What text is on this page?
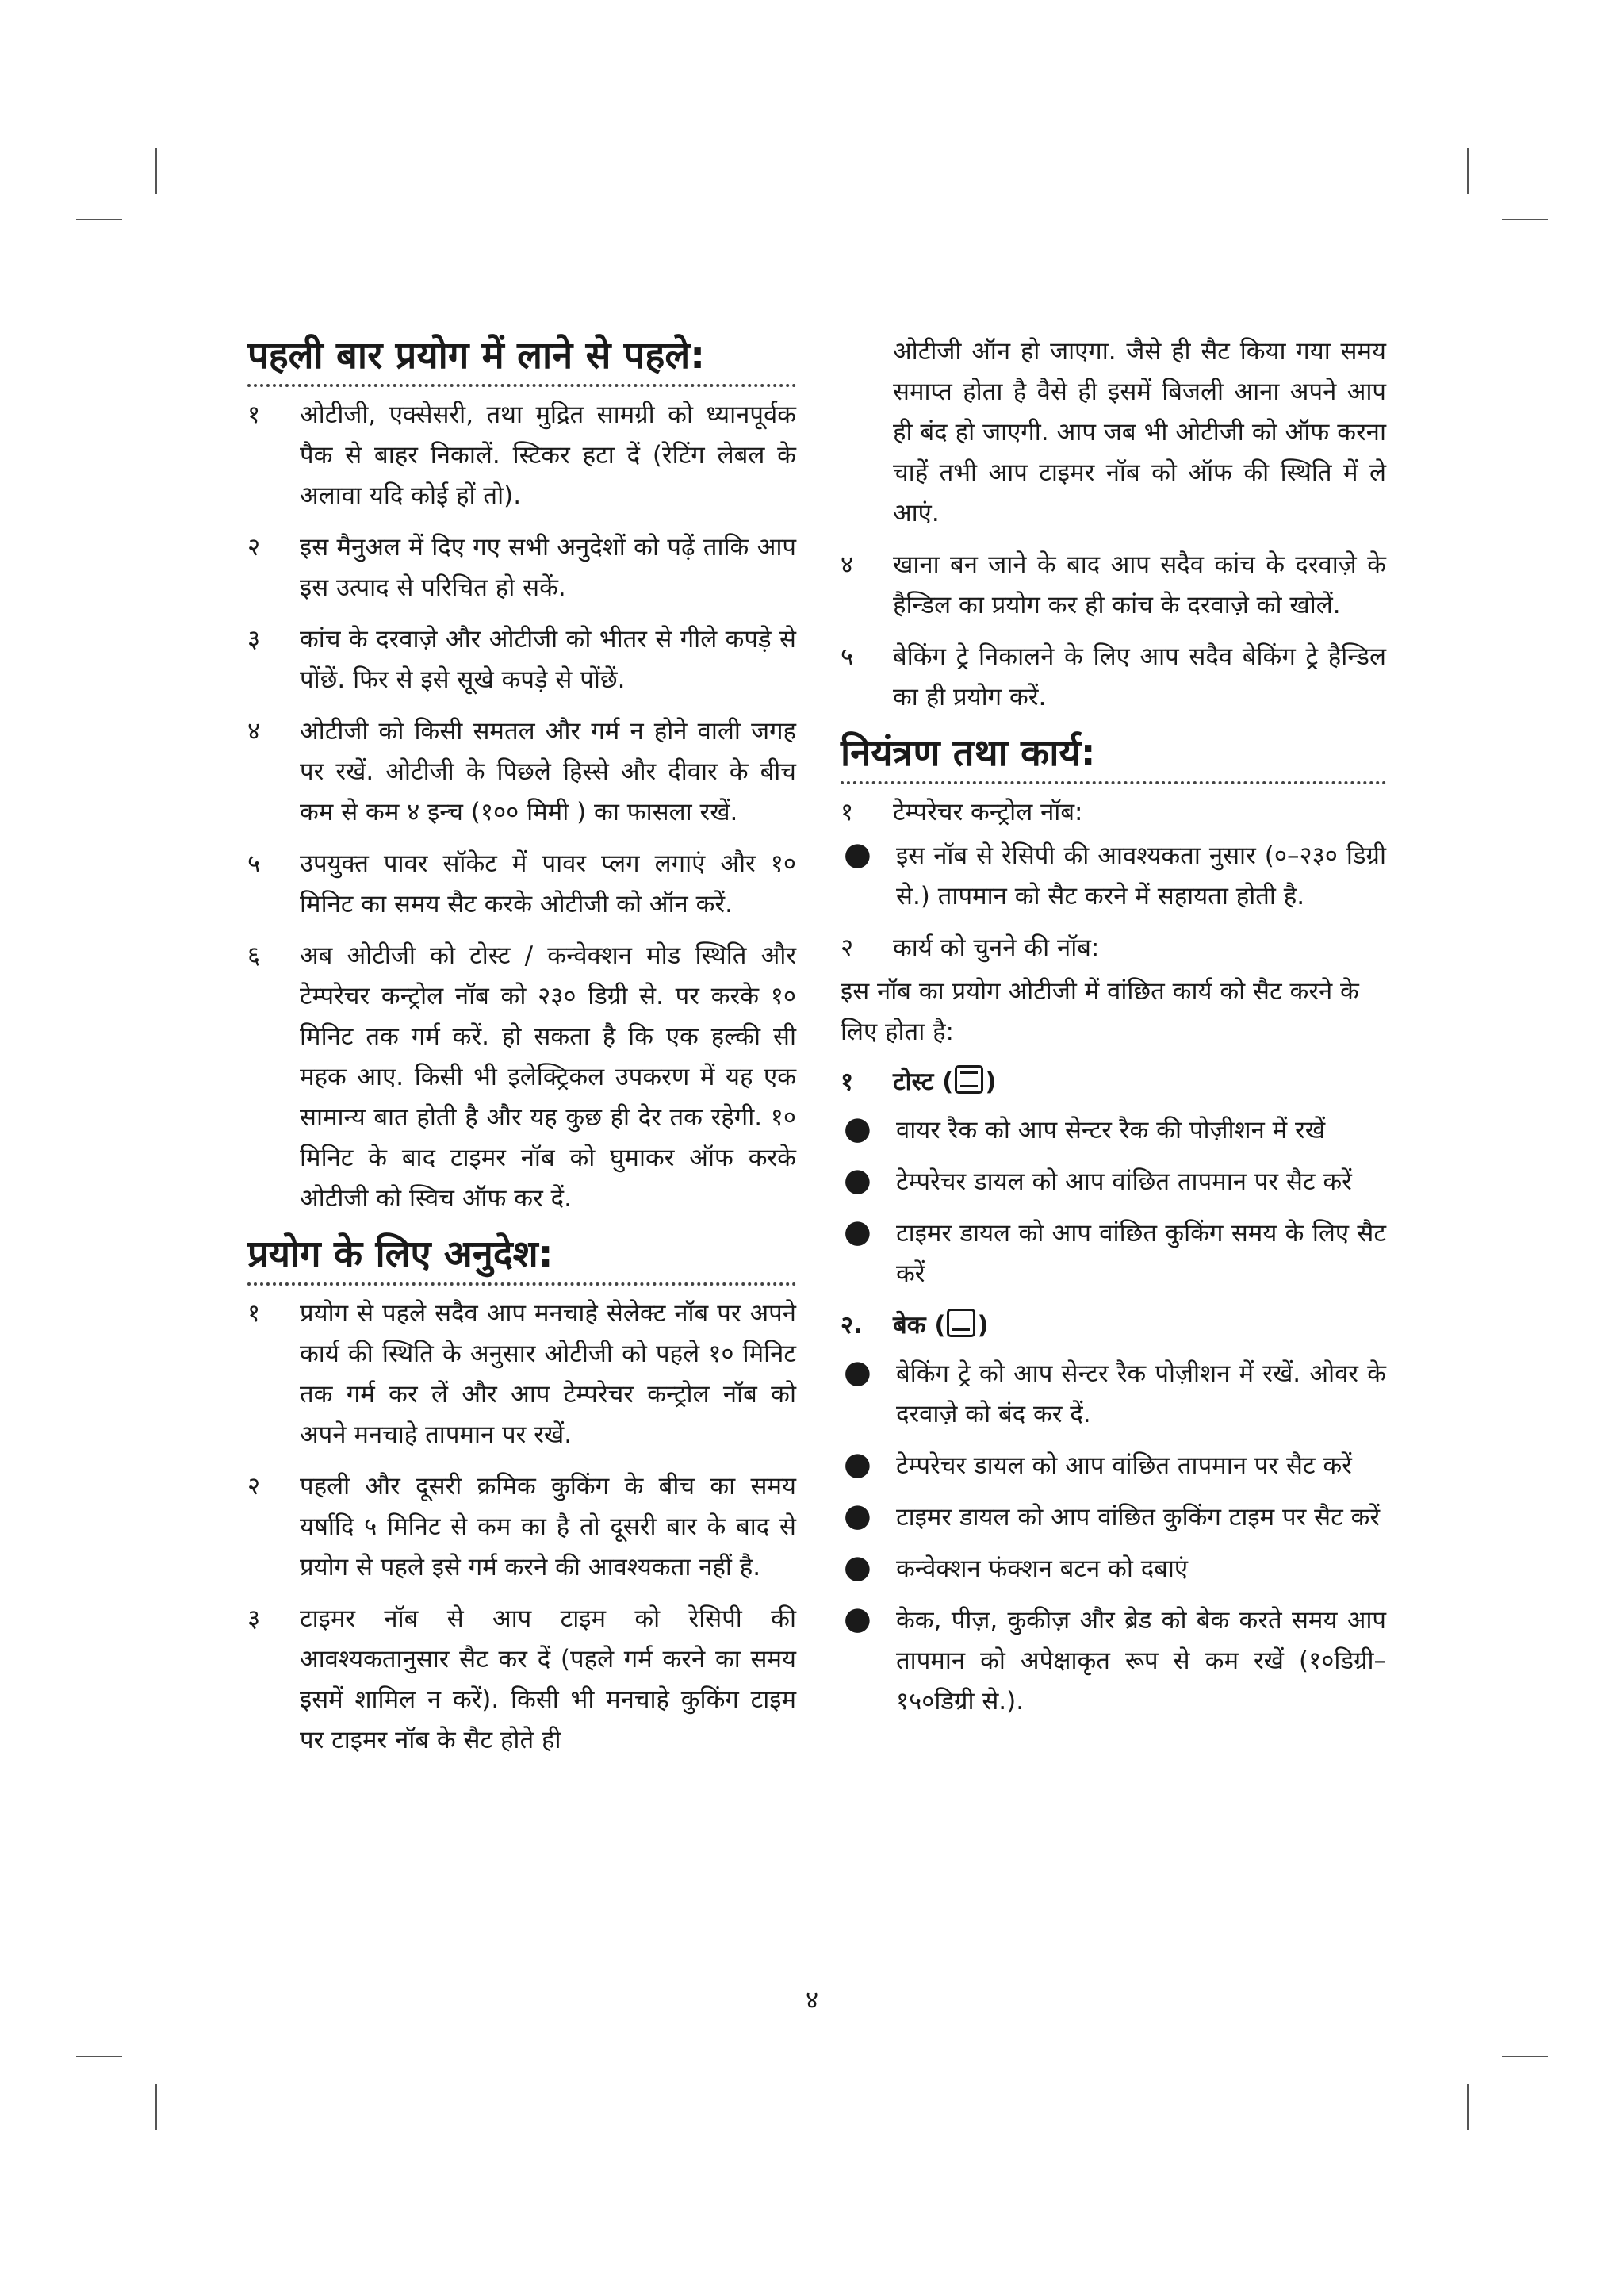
पहली बार प्रयोग में लाने से पहले:
१	ओटीजी, एक्सेसरी, तथा मुद्रित सामग्री को ध्यानपूर्वक पैक से बाहर निकालें. स्टिकर हटा दें (रेटिंग लेबल के अलावा यदि कोई हों तो).
२	इस मैनुअल में दिए गए सभी अनुदेशों को पढ़ें ताकि आप इस उत्पाद से परिचित हो सकें.
३	कांच के दरवाज़े और ओटीजी को भीतर से गीले कपड़े से पोंछें. फिर से इसे सूखे कपड़े से पोंछें.
४	ओटीजी को किसी समतल और गर्म न होने वाली जगह पर रखें. ओटीजी के पिछले हिस्से और दीवार के बीच कम से कम ४ इन्च (१०० मिमी ) का फासला रखें.
५	उपयुक्त पावर सॉकेट में पावर प्लग लगाएं और १० मिनिट का समय सैट करके ओटीजी को ऑन करें.
६	अब ओटीजी को टोस्ट / कन्वेक्शन मोड स्थिति और टेम्परेचर कन्ट्रोल नॉब को २३० डिग्री से. पर करके १० मिनिट तक गर्म करें. हो सकता है कि एक हल्की सी महक आए. किसी भी इलेक्ट्रिकल उपकरण में यह एक सामान्य बात होती है और यह कुछ ही देर तक रहेगी. १० मिनिट के बाद टाइमर नॉब को घुमाकर ऑफ करके ओटीजी को स्विच ऑफ कर दें.
प्रयोग के लिए अनुदेश:
१	प्रयोग से पहले सदैव आप मनचाहे सेलेक्ट नॉब पर अपने कार्य की स्थिति के अनुसार ओटीजी को पहले १० मिनिट तक गर्म कर लें और आप टेम्परेचर कन्ट्रोल नॉब को अपने मनचाहे तापमान पर रखें.
२	पहली और दूसरी क्रमिक कुकिंग के बीच का समय यर्षादि ५ मिनिट से कम का है तो दूसरी बार के बाद से प्रयोग से पहले इसे गर्म करने की आवश्यकता नहीं है.
३	टाइमर नॉब से आप टाइम को रेसिपी की आवश्यकतानुसार सैट कर दें (पहले गर्म करने का समय इसमें शामिल न करें). किसी भी मनचाहे कुकिंग टाइम पर टाइमर नॉब के सैट होते ही
ओटीजी ऑन हो जाएगा. जैसे ही सैट किया गया समय समाप्त होता है वैसे ही इसमें बिजली आना अपने आप ही बंद हो जाएगी. आप जब भी ओटीजी को ऑफ करना चाहें तभी आप टाइमर नॉब को ऑफ की स्थिति में ले आएं.
४	खाना बन जाने के बाद आप सदैव कांच के दरवाज़े के हैन्डिल का प्रयोग कर ही कांच के दरवाज़े को खोलें.
५	बेकिंग ट्रे निकालने के लिए आप सदैव बेकिंग ट्रे हैन्डिल का ही प्रयोग करें.
नियंत्रण तथा कार्य:
१	टेम्परेचर कन्ट्रोल नॉब:
●	इस नॉब से रेसिपी की आवश्यकता नुसार (०–२३० डिग्री से.) तापमान को सैट करने में सहायता होती है.
२	कार्य को चुनने की नॉब:
इस नॉब का प्रयोग ओटीजी में वांछित कार्य को सैट करने के लिए होता है:
१	टोस्ट ( )
●	वायर रैक को आप सेन्टर रैक की पोज़ीशन में रखें
●	टेम्परेचर डायल को आप वांछित तापमान पर सैट करें
●	टाइमर डायल को आप वांछित कुकिंग समय के लिए सैट करें
२.	बेक ( )
●	बेकिंग ट्रे को आप सेन्टर रैक पोज़ीशन में रखें. ओवर के दरवाज़े को बंद कर दें.
●	टेम्परेचर डायल को आप वांछित तापमान पर सैट करें
●	टाइमर डायल को आप वांछित कुकिंग टाइम पर सैट करें
●	कन्वेक्शन फंक्शन बटन को दबाएं
●	केक, पीज़, कुकीज़ और ब्रेड को बेक करते समय आप तापमान को अपेक्षाकृत रूप से कम रखें (१०डिग्री–१५०डिग्री से.).
४
